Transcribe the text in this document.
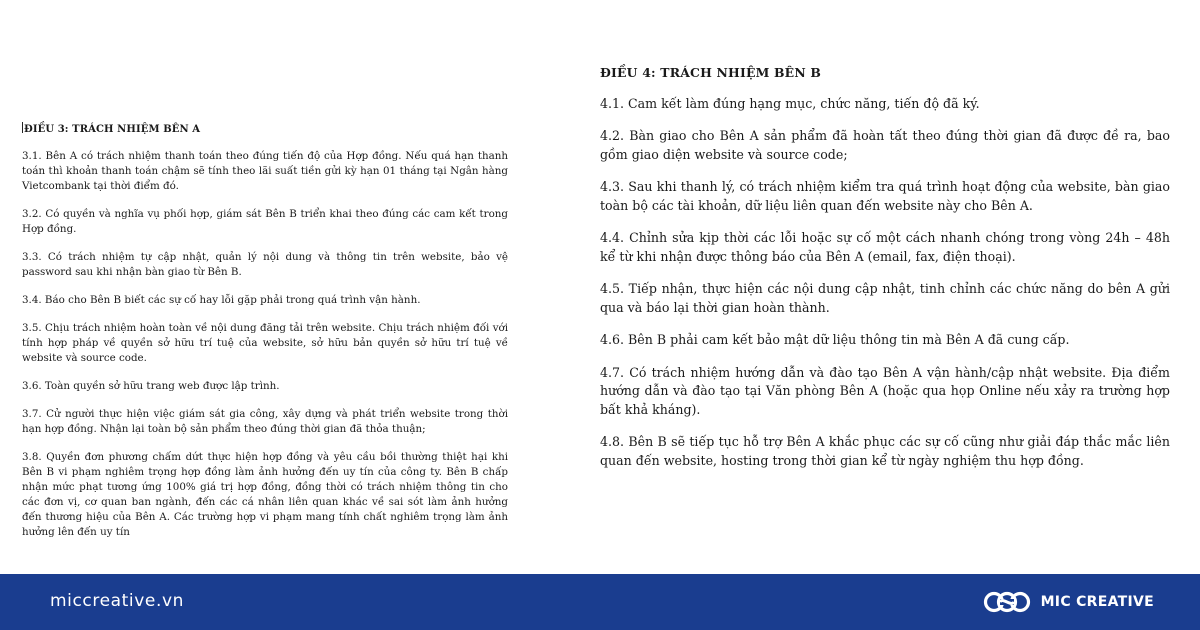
ĐIỀU 3: TRÁCH NHIỆM BÊN A

3.1. Bên A có trách nhiệm thanh toán theo đúng tiến độ của Hợp đồng. Nếu quá hạn thanh toán thì khoản thanh toán chậm sẽ tính theo lãi suất tiền gửi kỳ hạn 01 tháng tại Ngân hàng Vietcombank tại thời điểm đó.

3.2. Có quyền và nghĩa vụ phối hợp, giám sát Bên B triển khai theo đúng các cam kết trong Hợp đồng.

3.3. Có trách nhiệm tự cập nhật, quản lý nội dung và thông tin trên website, bảo vệ password sau khi nhận bàn giao từ Bên B.

3.4. Báo cho Bên B biết các sự cố hay lỗi gặp phải trong quá trình vận hành.

3.5. Chịu trách nhiệm hoàn toàn về nội dung đăng tải trên website. Chịu trách nhiệm đối với tính hợp pháp về quyền sở hữu trí tuệ của website, sở hữu bản quyền sở hữu trí tuệ về website và source code.

3.6. Toàn quyền sở hữu trang web được lập trình.

3.7. Cử người thực hiện việc giám sát gia công, xây dựng và phát triển website trong thời hạn hợp đồng. Nhận lại toàn bộ sản phẩm theo đúng thời gian đã thỏa thuận;

3.8. Quyền đơn phương chấm dứt thực hiện hợp đồng và yêu cầu bồi thường thiệt hại khi Bên B vi phạm nghiêm trọng hợp đồng làm ảnh hưởng đến uy tín của công ty. Bên B chấp nhận mức phạt tương ứng 100% giá trị hợp đồng, đồng thời có trách nhiệm thông tin cho các đơn vị, cơ quan ban ngành, đến các cá nhân liên quan khác về sai sót làm ảnh hưởng đến thương hiệu của Bên A. Các trường hợp vi phạm mang tính chất nghiêm trọng làm ảnh hưởng lên đến uy tín

ĐIỀU 4: TRÁCH NHIỆM BÊN B

4.1. Cam kết làm đúng hạng mục, chức năng, tiến độ đã ký.

4.2. Bàn giao cho Bên A sản phẩm đã hoàn tất theo đúng thời gian đã được đề ra, bao gồm giao diện website và source code;

4.3. Sau khi thanh lý, có trách nhiệm kiểm tra quá trình hoạt động của website, bàn giao toàn bộ các tài khoản, dữ liệu liên quan đến website này cho Bên A.

4.4. Chỉnh sửa kịp thời các lỗi hoặc sự cố một cách nhanh chóng trong vòng 24h – 48h kể từ khi nhận được thông báo của Bên A (email, fax, điện thoại).

4.5. Tiếp nhận, thực hiện các nội dung cập nhật, tinh chỉnh các chức năng do bên A gửi qua và báo lại thời gian hoàn thành.

4.6. Bên B phải cam kết bảo mật dữ liệu thông tin mà Bên A đã cung cấp.

4.7. Có trách nhiệm hướng dẫn và đào tạo Bên A vận hành/cập nhật website. Địa điểm hướng dẫn và đào tạo tại Văn phòng Bên A (hoặc qua họp Online nếu xảy ra trường hợp bất khả kháng).

4.8. Bên B sẽ tiếp tục hỗ trợ Bên A khắc phục các sự cố cũng như giải đáp thắc mắc liên quan đến website, hosting trong thời gian kể từ ngày nghiệm thu hợp đồng.

miccreative.vn	MIC CREATIVE
